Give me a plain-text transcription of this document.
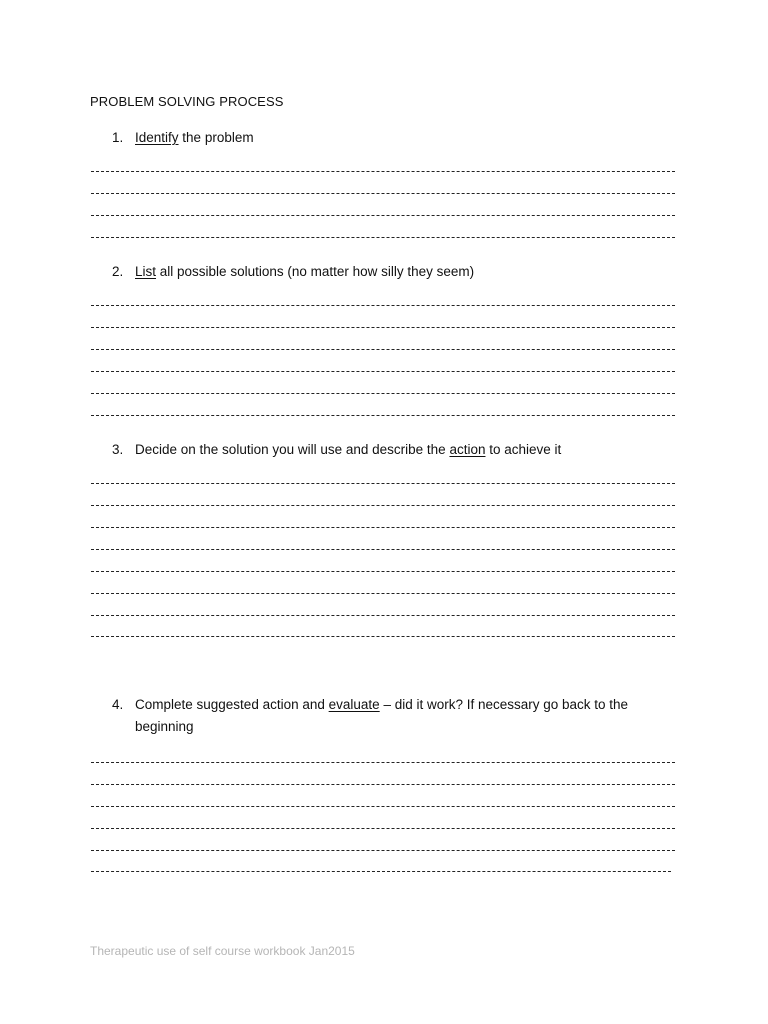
PROBLEM SOLVING PROCESS
1. Identify the problem
2. List all possible solutions (no matter how silly they seem)
3. Decide on the solution you will use and describe the action to achieve it
4. Complete suggested action and evaluate – did it work? If necessary go back to the
beginning
Therapeutic use of self course workbook Jan2015
